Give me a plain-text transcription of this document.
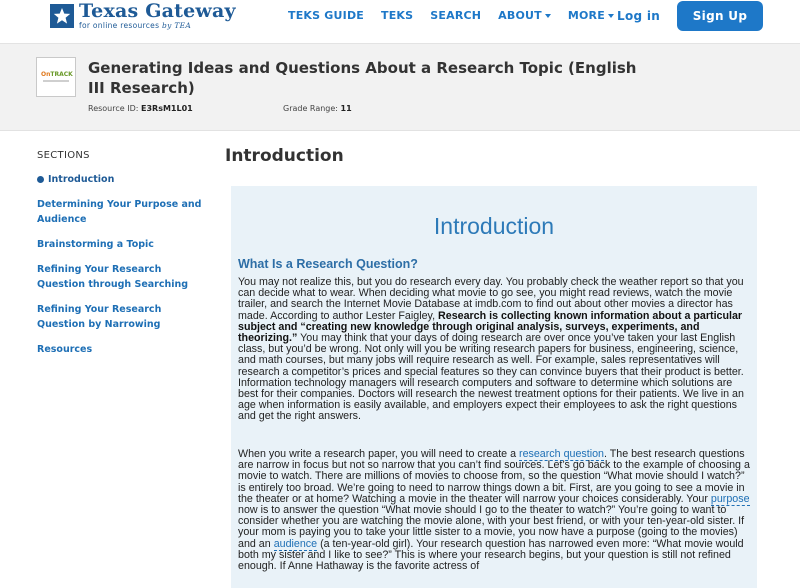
Texas Gateway
for online resources by TEA
TEKS GUIDE TEKS SEARCH ABOUT MORE Log in	Sign Up
OnTRACK Generating Ideas and Questions About a Research Topic (English III Research)
Resource ID: E3RsM1L01	Grade Range: 11
SECTIONS
Introduction
Determining Your Purpose and Audience
Brainstorming a Topic
Refining Your Research Question through Searching
Refining Your Research Question by Narrowing
Resources
Introduction
Introduction
What Is a Research Question?
You may not realize this, but you do research every day. You probably check the weather report so that you can decide what to wear. When deciding what movie to go see, you might read reviews, watch the movie trailer, and search the Internet Movie Database at imdb.com to find out about other movies a director has made. According to author Lester Faigley, Research is collecting known information about a particular subject and “creating new knowledge through original analysis, surveys, experiments, and theorizing.” You may think that your days of doing research are over once you’ve taken your last English class, but you’d be wrong. Not only will you be writing research papers for business, engineering, science, and math courses, but many jobs will require research as well. For example, sales representatives will research a competitor’s prices and special features so they can convince buyers that their product is better. Information technology managers will research computers and software to determine which solutions are best for their companies. Doctors will research the newest treatment options for their patients. We live in an age when information is easily available, and employers expect their employees to ask the right questions and get the right answers.
When you write a research paper, you will need to create a research question. The best research questions are narrow in focus but not so narrow that you can’t find sources. Let’s go back to the example of choosing a movie to watch. There are millions of movies to choose from, so the question “What movie should I watch?” is entirely too broad. We’re going to need to narrow things down a bit. First, are you going to see a movie in the theater or at home? Watching a movie in the theater will narrow your choices considerably. Your purpose now is to answer the question “What movie should I go to the theater to watch?” You’re going to want to consider whether you are watching the movie alone, with your best friend, or with your ten-year-old sister. If your mom is paying you to take your little sister to a movie, you now have a purpose (going to the movies) and an audience (a ten-year-old girl). Your research question has narrowed even more: “What movie would both my sister and I like to see?” This is where your research begins, but your question is still not refined enough. If Anne Hathaway is the favorite actress of
